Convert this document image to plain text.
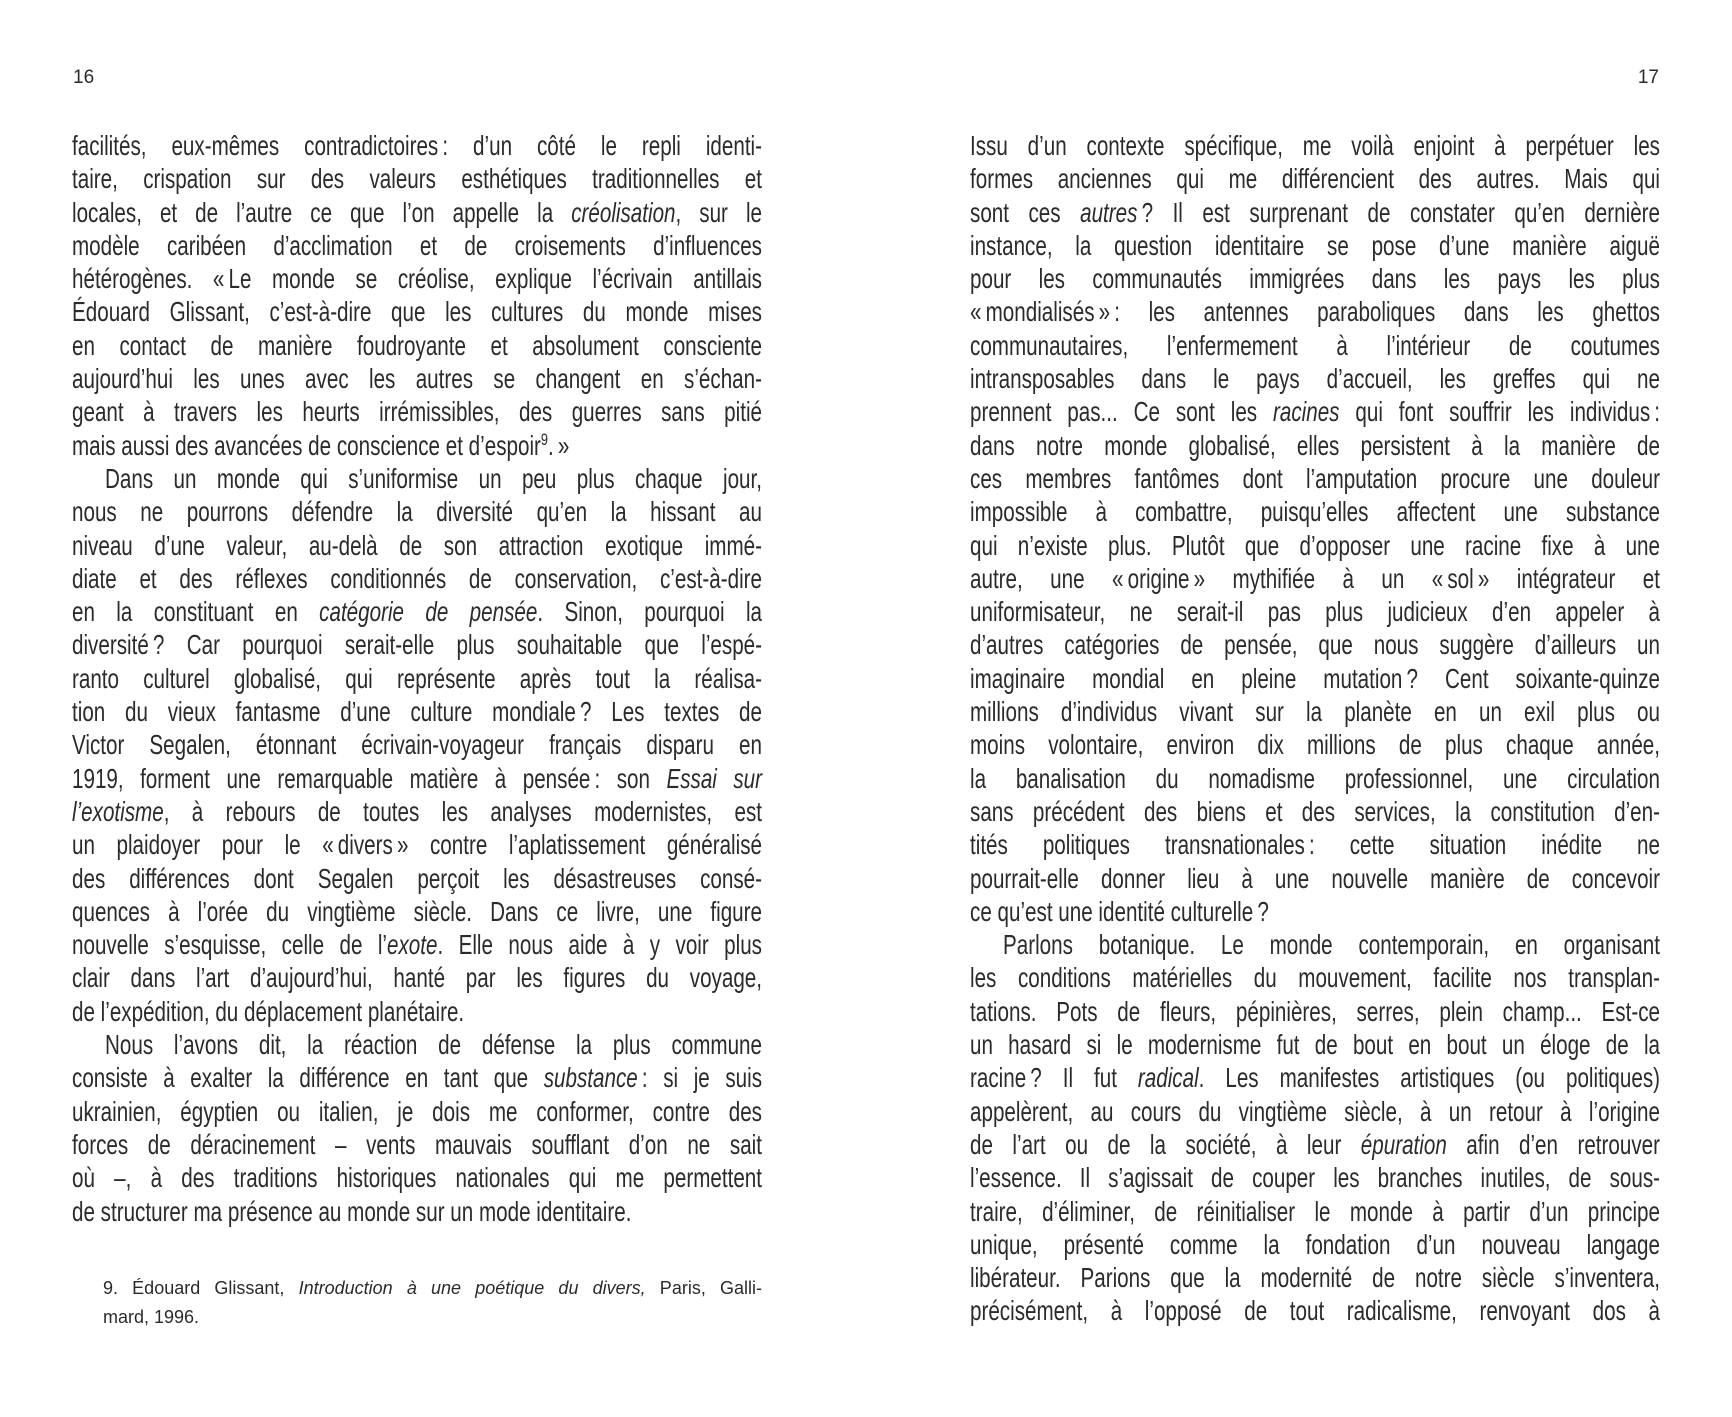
16	17
facilités, eux-mêmes contradictoires : d’un côté le repli identi-
taire, crispation sur des valeurs esthétiques traditionnelles et
locales, et de l’autre ce que l’on appelle la créolisation, sur le
modèle caribéen d’acclimation et de croisements d’influences
hétérogènes. « Le monde se créolise, explique l’écrivain antillais
Édouard Glissant, c’est-à-dire que les cultures du monde mises
en contact de manière foudroyante et absolument consciente
aujourd’hui les unes avec les autres se changent en s’échan-
geant à travers les heurts irrémissibles, des guerres sans pitié
mais aussi des avancées de conscience et d’espoir$^9$. »
Dans un monde qui s’uniformise un peu plus chaque jour,
nous ne pourrons défendre la diversité qu’en la hissant au
niveau d’une valeur, au-delà de son attraction exotique immé-
diate et des réflexes conditionnés de conservation, c’est-à-dire
en la constituant en catégorie de pensée. Sinon, pourquoi la
diversité ? Car pourquoi serait-elle plus souhaitable que l’espé-
ranto culturel globalisé, qui représente après tout la réalisa-
tion du vieux fantasme d’une culture mondiale ? Les textes de
Victor Segalen, étonnant écrivain-voyageur français disparu en
1919, forment une remarquable matière à pensée : son Essai sur
l’exotisme, à rebours de toutes les analyses modernistes, est
un plaidoyer pour le « divers » contre l’aplatissement généralisé
des différences dont Segalen perçoit les désastreuses consé-
quences à l’orée du vingtième siècle. Dans ce livre, une figure
nouvelle s’esquisse, celle de l’exote. Elle nous aide à y voir plus
clair dans l’art d’aujourd’hui, hanté par les figures du voyage,
de l’expédition, du déplacement planétaire.
Nous l’avons dit, la réaction de défense la plus commune
consiste à exalter la différence en tant que substance : si je suis
ukrainien, égyptien ou italien, je dois me conformer, contre des
forces de déracinement – vents mauvais soufflant d’on ne sait
où –, à des traditions historiques nationales qui me permettent
de structurer ma présence au monde sur un mode identitaire.
9. Édouard Glissant, Introduction à une poétique du divers, Paris, Galli-
mard, 1996.
Issu d’un contexte spécifique, me voilà enjoint à perpétuer les
formes anciennes qui me différencient des autres. Mais qui
sont ces autres ? Il est surprenant de constater qu’en dernière
instance, la question identitaire se pose d’une manière aiguë
pour les communautés immigrées dans les pays les plus
« mondialisés » : les antennes paraboliques dans les ghettos
communautaires, l’enfermement à l’intérieur de coutumes
intransposables dans le pays d’accueil, les greffes qui ne
prennent pas... Ce sont les racines qui font souffrir les individus :
dans notre monde globalisé, elles persistent à la manière de
ces membres fantômes dont l’amputation procure une douleur
impossible à combattre, puisqu’elles affectent une substance
qui n’existe plus. Plutôt que d’opposer une racine fixe à une
autre, une « origine » mythifiée à un « sol » intégrateur et
uniformisateur, ne serait-il pas plus judicieux d’en appeler à
d’autres catégories de pensée, que nous suggère d’ailleurs un
imaginaire mondial en pleine mutation ? Cent soixante-quinze
millions d’individus vivant sur la planète en un exil plus ou
moins volontaire, environ dix millions de plus chaque année,
la banalisation du nomadisme professionnel, une circulation
sans précédent des biens et des services, la constitution d’en-
tités politiques transnationales : cette situation inédite ne
pourrait-elle donner lieu à une nouvelle manière de concevoir
ce qu’est une identité culturelle ?
Parlons botanique. Le monde contemporain, en organisant
les conditions matérielles du mouvement, facilite nos transplan-
tations. Pots de fleurs, pépinières, serres, plein champ... Est-ce
un hasard si le modernisme fut de bout en bout un éloge de la
racine ? Il fut radical. Les manifestes artistiques (ou politiques)
appelèrent, au cours du vingtième siècle, à un retour à l’origine
de l’art ou de la société, à leur épuration afin d’en retrouver
l’essence. Il s’agissait de couper les branches inutiles, de sous-
traire, d’éliminer, de réinitialiser le monde à partir d’un principe
unique, présenté comme la fondation d’un nouveau langage
libérateur. Parions que la modernité de notre siècle s’inventera,
précisément, à l’opposé de tout radicalisme, renvoyant dos à
